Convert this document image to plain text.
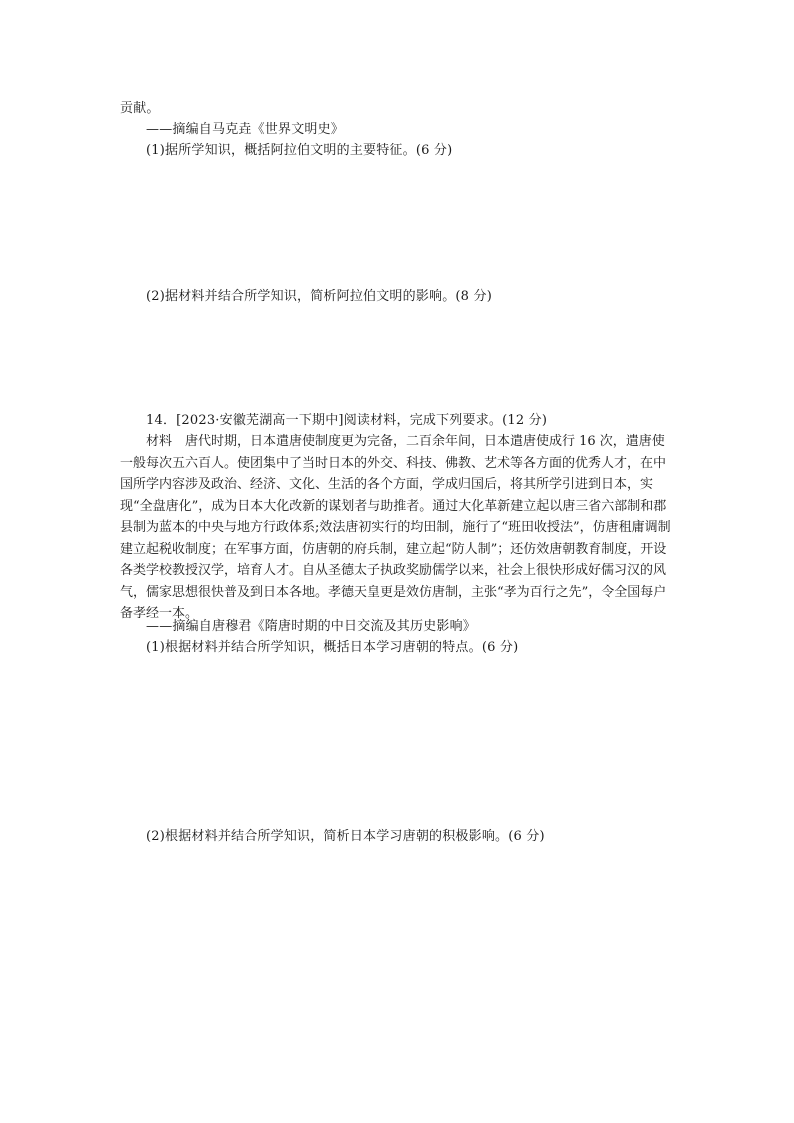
贡献。
——摘编自马克垚《世界文明史》
(1)据所学知识，概括阿拉伯文明的主要特征。(6 分)
(2)据材料并结合所学知识，简析阿拉伯文明的影响。(8 分)
14．[2023·安徽芜湖高一下期中]阅读材料，完成下列要求。(12 分)
材料　唐代时期，日本遣唐使制度更为完备，二百余年间，日本遣唐使成行 16 次，遣唐使一般每次五六百人。使团集中了当时日本的外交、科技、佛教、艺术等各方面的优秀人才，在中国所学内容涉及政治、经济、文化、生活的各个方面，学成归国后，将其所学引进到日本，实现“全盘唐化”，成为日本大化改新的谋划者与助推者。通过大化革新建立起以唐三省六部制和郡县制为蓝本的中央与地方行政体系;效法唐初实行的均田制，施行了“班田收授法”，仿唐租庸调制建立起税收制度；在军事方面，仿唐朝的府兵制，建立起“防人制”；还仿效唐朝教育制度，开设各类学校教授汉学，培育人才。自从圣德太子执政奖励儒学以来，社会上很快形成好儒习汉的风气，儒家思想很快普及到日本各地。孝德天皇更是效仿唐制，主张“孝为百行之先”，令全国每户备孝经一本。
——摘编自唐穆君《隋唐时期的中日交流及其历史影响》
(1)根据材料并结合所学知识，概括日本学习唐朝的特点。(6 分)
(2)根据材料并结合所学知识，简析日本学习唐朝的积极影响。(6 分)
